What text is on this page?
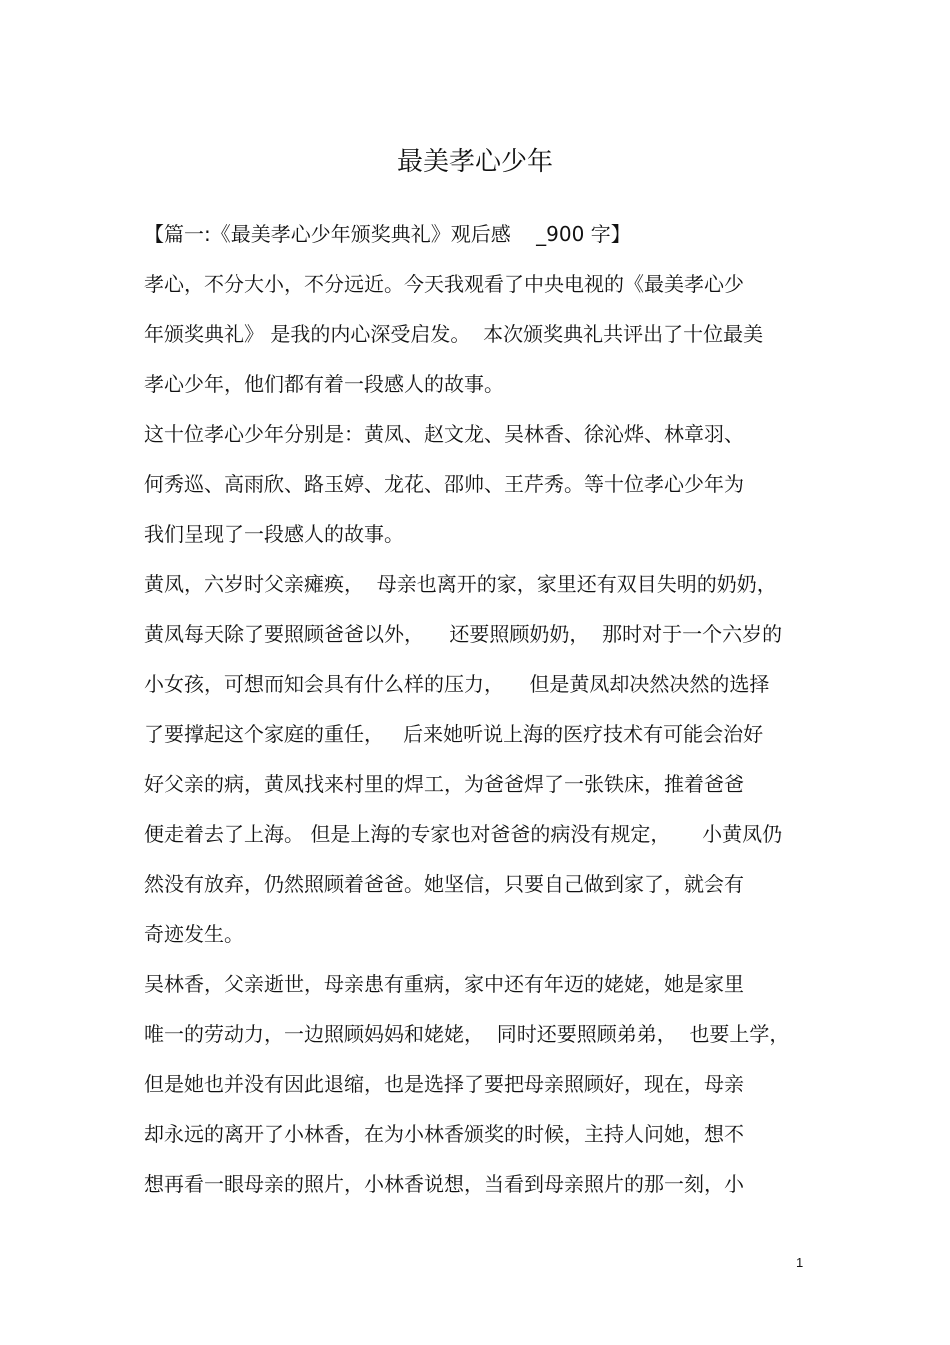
最美孝心少年
【篇一:《最美孝心少年颁奖典礼》观后感    _900 字】
孝心，不分大小，不分远近。今天我观看了中央电视的《最美孝心少
年颁奖典礼》 是我的内心深受启发。  本次颁奖典礼共评出了十位最美
孝心少年，他们都有着一段感人的故事。
这十位孝心少年分别是：黄凤、赵文龙、吴林香、徐沁烨、林章羽、
何秀巡、高雨欣、路玉婷、龙花、邵帅、王芹秀。等十位孝心少年为
我们呈现了一段感人的故事。
黄凤，六岁时父亲瘫痪，  母亲也离开的家，家里还有双目失明的奶奶，
黄凤每天除了要照顾爸爸以外，    还要照顾奶奶，  那时对于一个六岁的
小女孩，可想而知会具有什么样的压力，    但是黄凤却决然决然的选择
了要撑起这个家庭的重任，   后来她听说上海的医疗技术有可能会治好
好父亲的病，黄凤找来村里的焊工，为爸爸焊了一张铁床，推着爸爸
便走着去了上海。 但是上海的专家也对爸爸的病没有规定，     小黄凤仍
然没有放弃，仍然照顾着爸爸。她坚信，只要自己做到家了，就会有
奇迹发生。
吴林香，父亲逝世，母亲患有重病，家中还有年迈的姥姥，她是家里
唯一的劳动力，一边照顾妈妈和姥姥，  同时还要照顾弟弟，  也要上学，
但是她也并没有因此退缩，也是选择了要把母亲照顾好，现在，母亲
却永远的离开了小林香，在为小林香颁奖的时候，主持人问她，想不
想再看一眼母亲的照片，小林香说想，当看到母亲照片的那一刻，小
1
